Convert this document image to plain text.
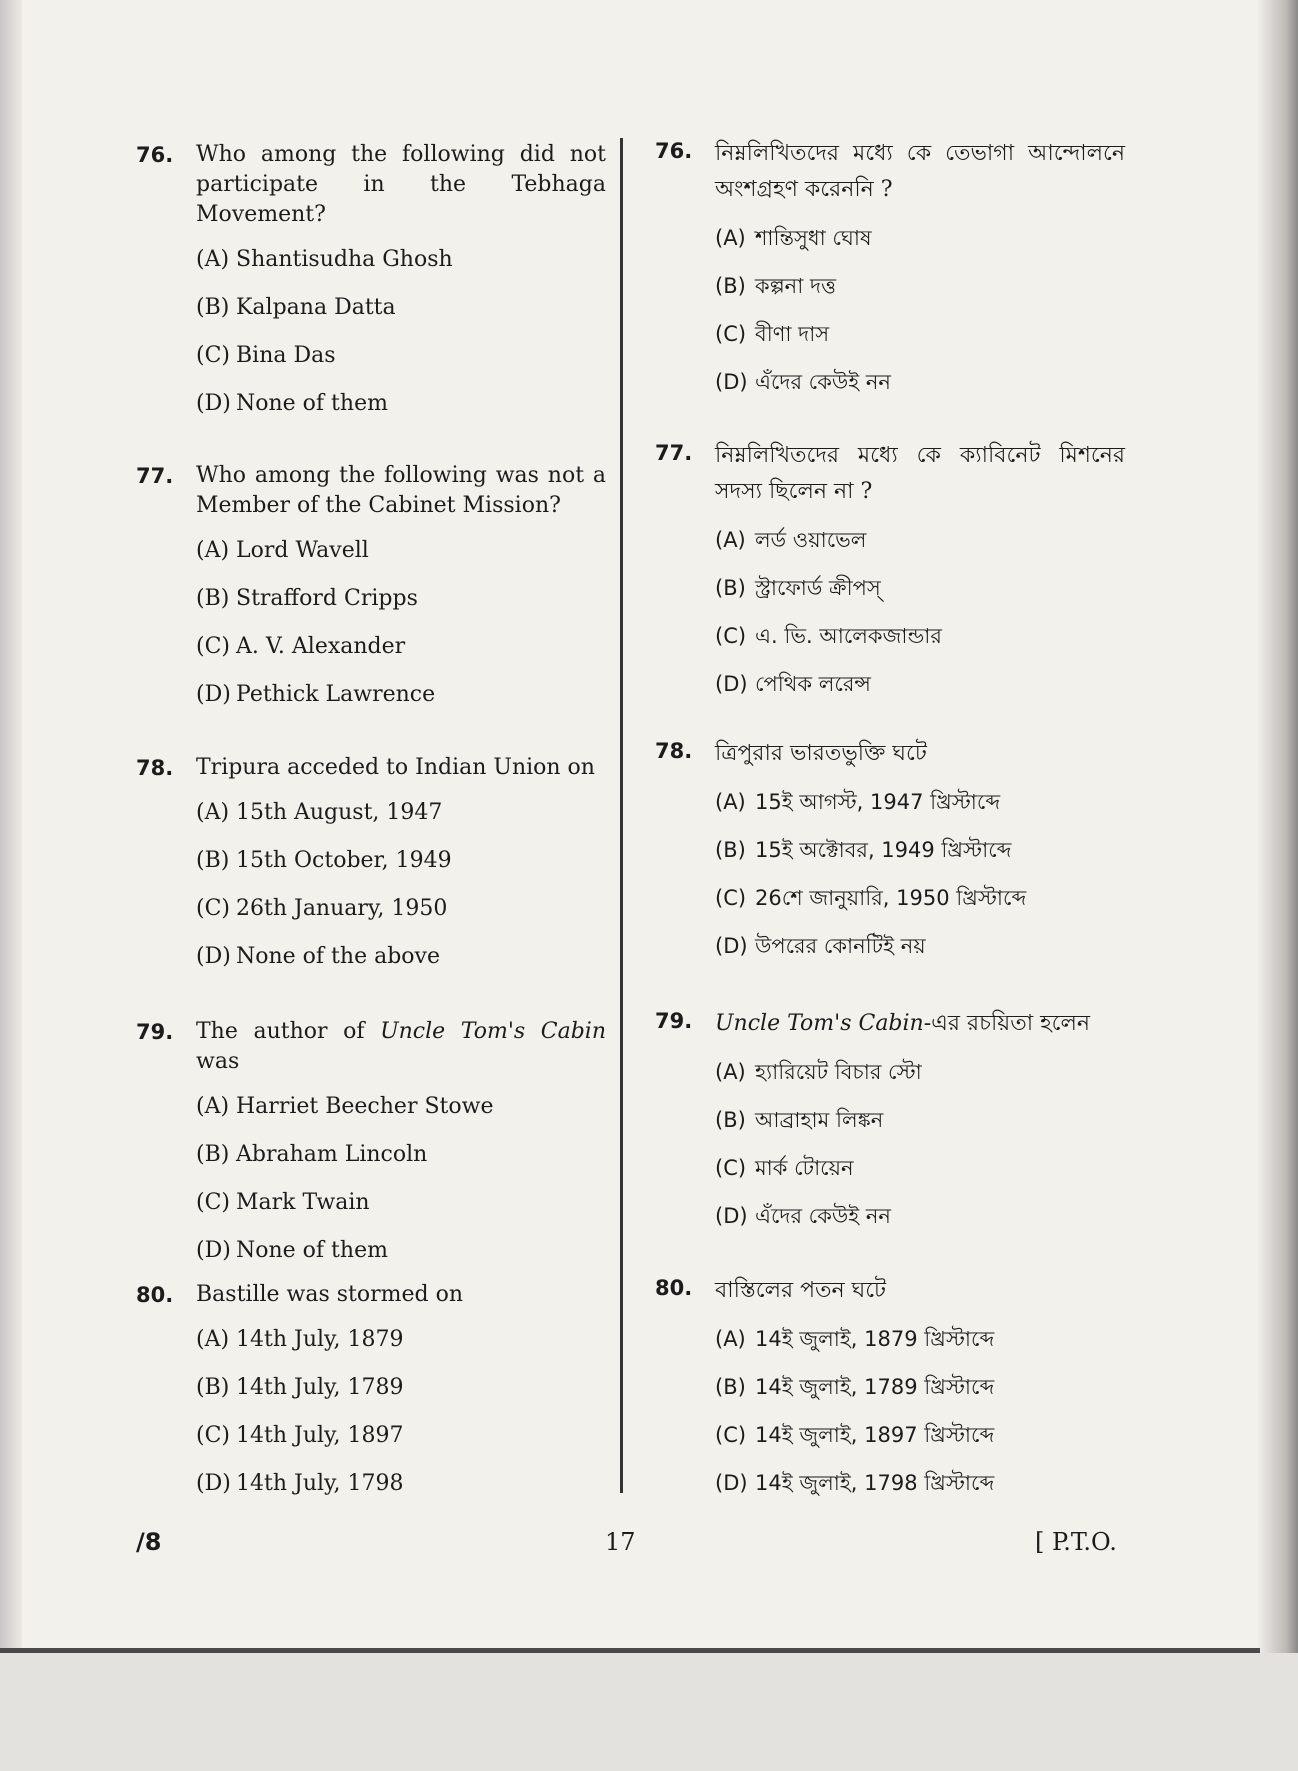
76. Who among the following did not participate in the Tebhaga Movement?
(A) Shantisudha Ghosh
(B) Kalpana Datta
(C) Bina Das
(D) None of them
77. Who among the following was not a Member of the Cabinet Mission?
(A) Lord Wavell
(B) Strafford Cripps
(C) A. V. Alexander
(D) Pethick Lawrence
78. Tripura acceded to Indian Union on
(A) 15th August, 1947
(B) 15th October, 1949
(C) 26th January, 1950
(D) None of the above
79. The author of Uncle Tom's Cabin was
(A) Harriet Beecher Stowe
(B) Abraham Lincoln
(C) Mark Twain
(D) None of them
80. Bastille was stormed on
(A) 14th July, 1879
(B) 14th July, 1789
(C) 14th July, 1897
(D) 14th July, 1798
76. নিম্নলিখিতদের মধ্যে কে তেভাগা আন্দোলনে অংশগ্রহণ করেননি ?
(A) শান্তিসুধা ঘোষ
(B) কল্পনা দত্ত
(C) বীণা দাস
(D) এঁদের কেউই নন
77. নিম্নলিখিতদের মধ্যে কে ক্যাবিনেট মিশনের সদস্য ছিলেন না ?
(A) লর্ড ওয়াভেল
(B) স্ট্রাফোর্ড ক্রীপস্
(C) এ. ভি. আলেকজান্ডার
(D) পেথিক লরেন্স
78. ত্রিপুরার ভারতভুক্তি ঘটে
(A) 15ই আগস্ট, 1947 খ্রিস্টাব্দে
(B) 15ই অক্টোবর, 1949 খ্রিস্টাব্দে
(C) 26শে জানুয়ারি, 1950 খ্রিস্টাব্দে
(D) উপরের কোনটিই নয়
79. Uncle Tom's Cabin-এর রচয়িতা হলেন
(A) হ্যারিয়েট বিচার স্টো
(B) আব্রাহাম লিঙ্কন
(C) মার্ক টোয়েন
(D) এঁদের কেউই নন
80. বাস্তিলের পতন ঘটে
(A) 14ই জুলাই, 1879 খ্রিস্টাব্দে
(B) 14ই জুলাই, 1789 খ্রিস্টাব্দে
(C) 14ই জুলাই, 1897 খ্রিস্টাব্দে
(D) 14ই জুলাই, 1798 খ্রিস্টাব্দে
/8	17	[ P.T.O.
